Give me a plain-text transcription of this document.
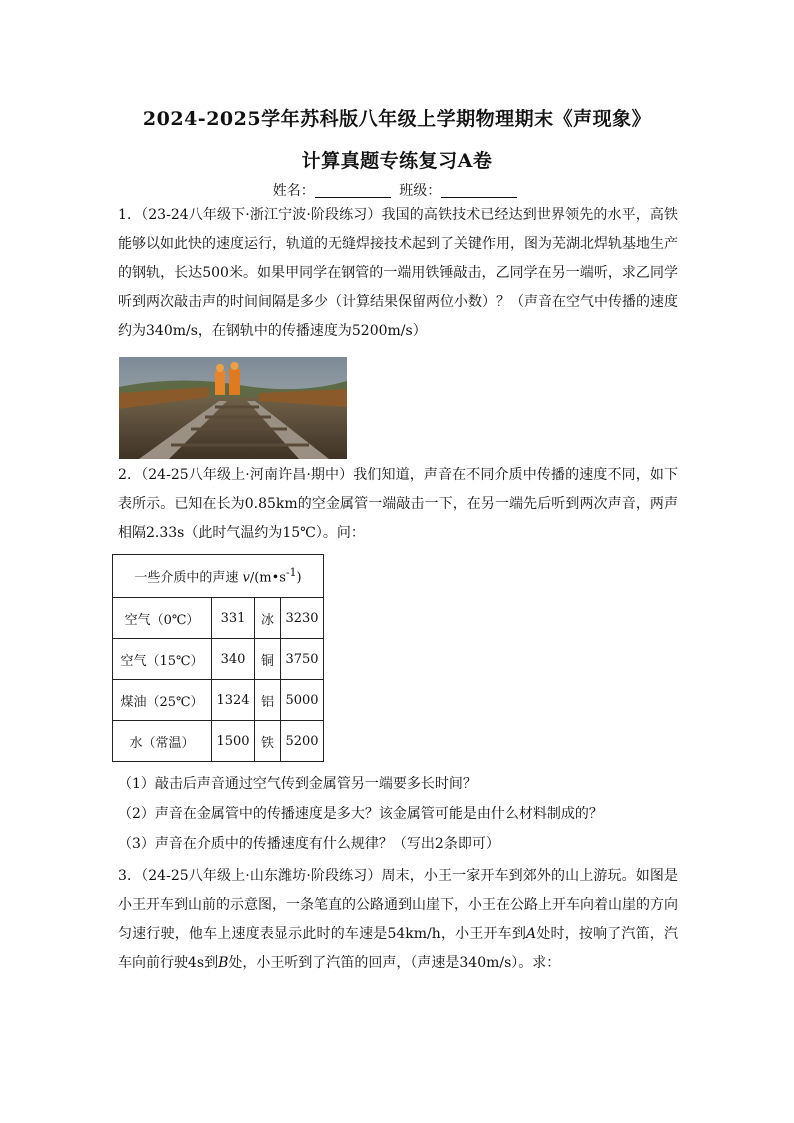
2024-2025学年苏科版八年级上学期物理期末《声现象》
计算真题专练复习A卷
姓名：	班级：
1．（23-24八年级下·浙江宁波·阶段练习）我国的高铁技术已经达到世界领先的水平，高铁能够以如此快的速度运行，轨道的无缝焊接技术起到了关键作用，图为芜湖北焊轨基地生产的钢轨，长达500米。如果甲同学在钢管的一端用铁锤敲击，乙同学在另一端听，求乙同学听到两次敲击声的时间间隔是多少（计算结果保留两位小数）？（声音在空气中传播的速度约为340m/s，在钢轨中的传播速度为5200m/s）
2．（24-25八年级上·河南许昌·期中）我们知道，声音在不同介质中传播的速度不同，如下表所示。已知在长为0.85km的空金属管一端敲击一下，在另一端先后听到两次声音，两声相隔2.33s（此时气温约为15℃）。问：
一些介质中的声速 $v/(m•s^{-1})$			
空气（0℃）	331	冰	3230
空气（15℃）	340	铜	3750
煤油（25℃）	1324	铝	5000
水（常温）	1500	铁	5200
（1）敲击后声音通过空气传到金属管另一端要多长时间？
（2）声音在金属管中的传播速度是多大？该金属管可能是由什么材料制成的？
（3）声音在介质中的传播速度有什么规律？（写出2条即可）
3．（24-25八年级上·山东潍坊·阶段练习）周末，小王一家开车到郊外的山上游玩。如图是小王开车到山前的示意图，一条笔直的公路通到山崖下，小王在公路上开车向着山崖的方向匀速行驶，他车上速度表显示此时的车速是54km/h，小王开车到A处时，按响了汽笛，汽车向前行驶4s到B处，小王听到了汽笛的回声，（声速是340m/s）。求：
